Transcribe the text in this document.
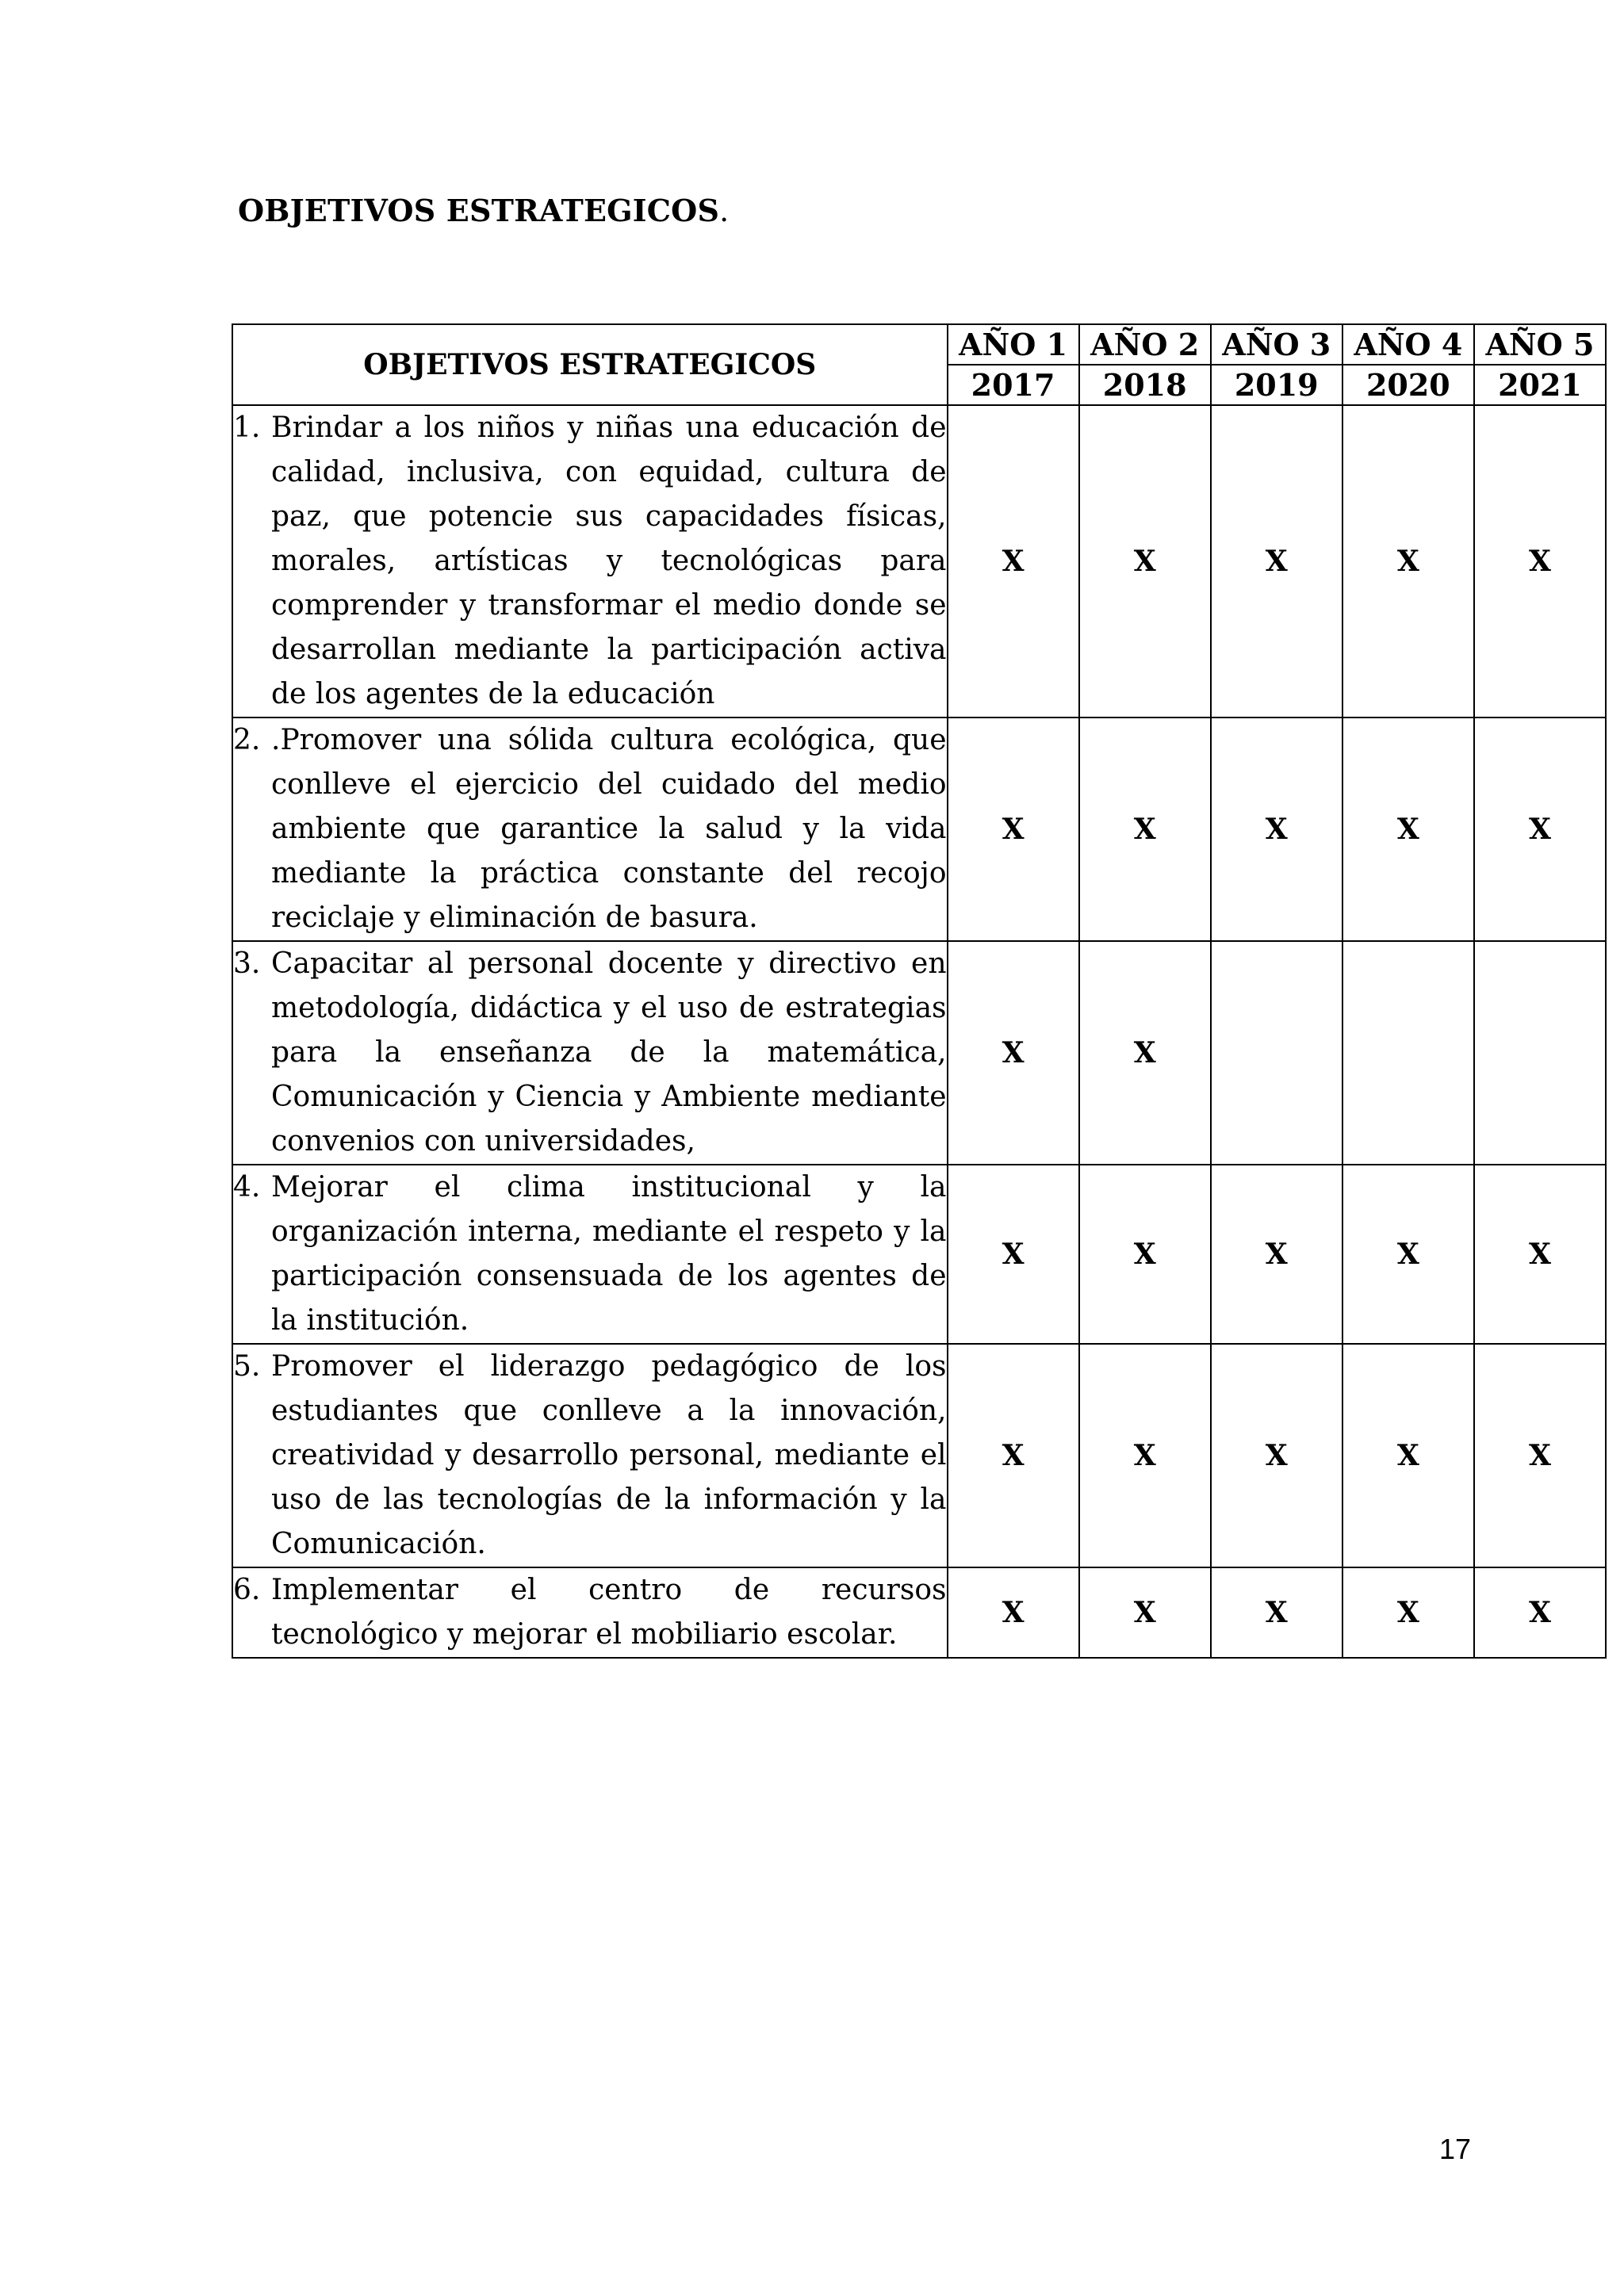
OBJETIVOS ESTRATEGICOS.
OBJETIVOS ESTRATEGICOS	AÑO 1	AÑO 2	AÑO 3	AÑO 4	AÑO 5
	2017	2018	2019	2020	2021

1. Brindar a los niños y niñas una educación de calidad, inclusiva, con equidad, cultura de paz, que potencie sus capacidades físicas, morales, artísticas y tecnológicas para comprender y transformar el medio donde se desarrollan mediante la participación activa de los agentes de la educación	X	X	X	X	X

2. .Promover una sólida cultura ecológica, que conlleve el ejercicio del cuidado del medio ambiente que garantice la salud y la vida mediante la práctica constante del recojo reciclaje y eliminación de basura.	X	X	X	X	X

3. Capacitar al personal docente y directivo en metodología, didáctica y el uso de estrategias para la enseñanza de la matemática, Comunicación y Ciencia y Ambiente mediante convenios con universidades,	X	X			

4. Mejorar el clima institucional y la organización interna, mediante el respeto y la participación consensuada de los agentes de la institución.	X	X	X	X	X

5. Promover el liderazgo pedagógico de los estudiantes que conlleve a la innovación, creatividad y desarrollo personal, mediante el uso de las tecnologías de la información y la Comunicación.	X	X	X	X	X

6. Implementar el centro de recursos tecnológico y mejorar el mobiliario escolar.	X	X	X	X	X
17
